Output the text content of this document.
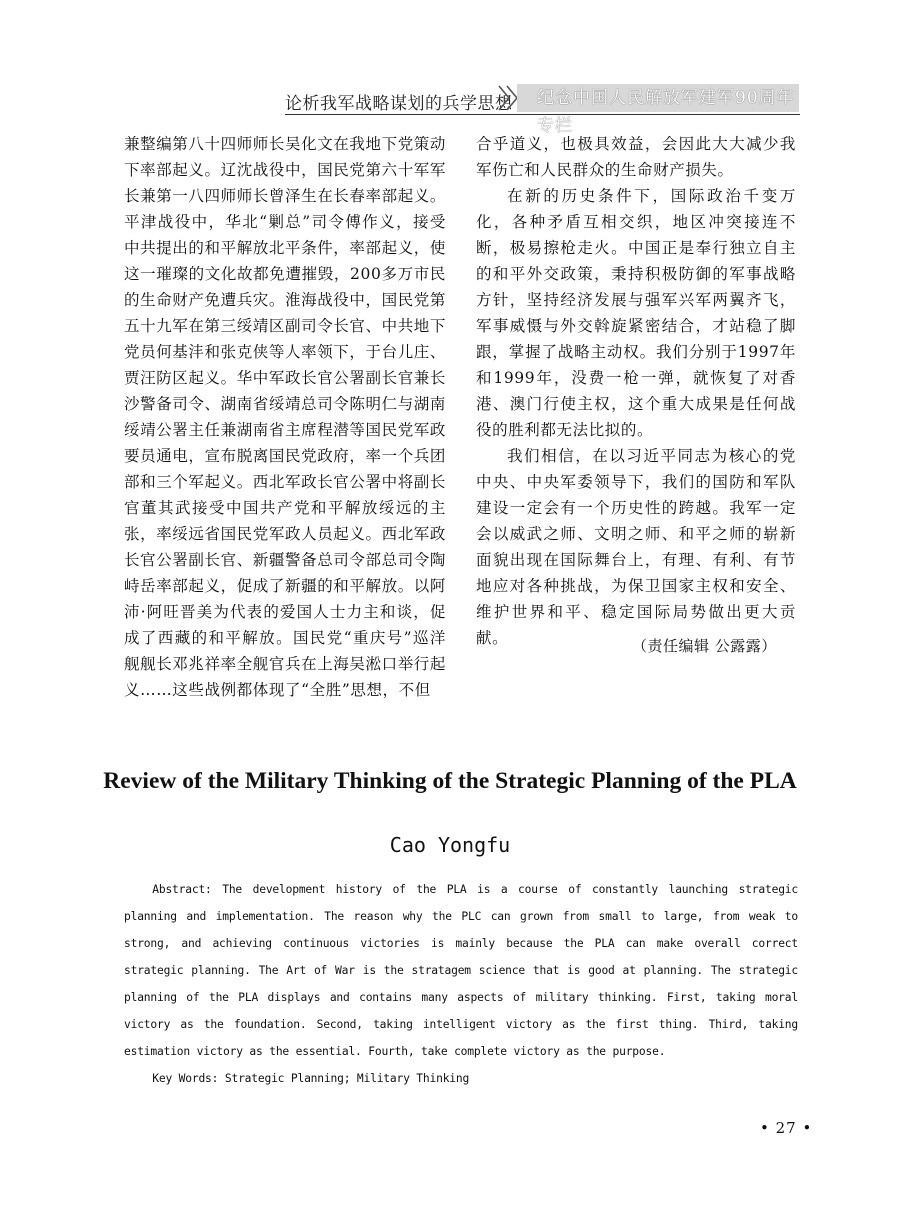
论析我军战略谋划的兵学思想	纪念中国人民解放军建军90周年专栏

兼整编第八十四师师长吴化文在我地下党策动下率部起义。辽沈战役中，国民党第六十军军长兼第一八四师师长曾泽生在长春率部起义。平津战役中，华北“剿总”司令傅作义，接受中共提出的和平解放北平条件，率部起义，使这一璀璨的文化故都免遭摧毁，200多万市民的生命财产免遭兵灾。淮海战役中，国民党第五十九军在第三绥靖区副司令长官、中共地下党员何基沣和张克侠等人率领下，于台儿庄、贾汪防区起义。华中军政长官公署副长官兼长沙警备司令、湖南省绥靖总司令陈明仁与湖南绥靖公署主任兼湖南省主席程潜等国民党军政要员通电，宣布脱离国民党政府，率一个兵团部和三个军起义。西北军政长官公署中将副长官董其武接受中国共产党和平解放绥远的主张，率绥远省国民党军政人员起义。西北军政长官公署副长官、新疆警备总司令部总司令陶峙岳率部起义，促成了新疆的和平解放。以阿沛·阿旺晋美为代表的爱国人士力主和谈，促成了西藏的和平解放。国民党“重庆号”巡洋舰舰长邓兆祥率全舰官兵在上海吴淞口举行起义……这些战例都体现了“全胜”思想，不但

合乎道义，也极具效益，会因此大大减少我军伤亡和人民群众的生命财产损失。

在新的历史条件下，国际政治千变万化，各种矛盾互相交织，地区冲突接连不断，极易擦枪走火。中国正是奉行独立自主的和平外交政策，秉持积极防御的军事战略方针，坚持经济发展与强军兴军两翼齐飞，军事威慑与外交斡旋紧密结合，才站稳了脚跟，掌握了战略主动权。我们分别于1997年和1999年，没费一枪一弹，就恢复了对香港、澳门行使主权，这个重大成果是任何战役的胜利都无法比拟的。

我们相信，在以习近平同志为核心的党中央、中央军委领导下，我们的国防和军队建设一定会有一个历史性的跨越。我军一定会以威武之师、文明之师、和平之师的崭新面貌出现在国际舞台上，有理、有利、有节地应对各种挑战，为保卫国家主权和安全、维护世界和平、稳定国际局势做出更大贡献。	（责任编辑 公露露）
Review of the Military Thinking of the Strategic Planning of the PLA
Cao Yongfu

Abstract: The development history of the PLA is a course of constantly launching strategic planning and implementation. The reason why the PLC can grown from small to large, from weak to strong, and achieving continuous victories is mainly because the PLA can make overall correct strategic planning. The Art of War is the stratagem science that is good at planning. The strategic planning of the PLA displays and contains many aspects of military thinking. First, taking moral victory as the foundation. Second, taking intelligent victory as the first thing. Third, taking estimation victory as the essential. Fourth, take complete victory as the purpose.

Key Words: Strategic Planning; Military Thinking

• 27 •
